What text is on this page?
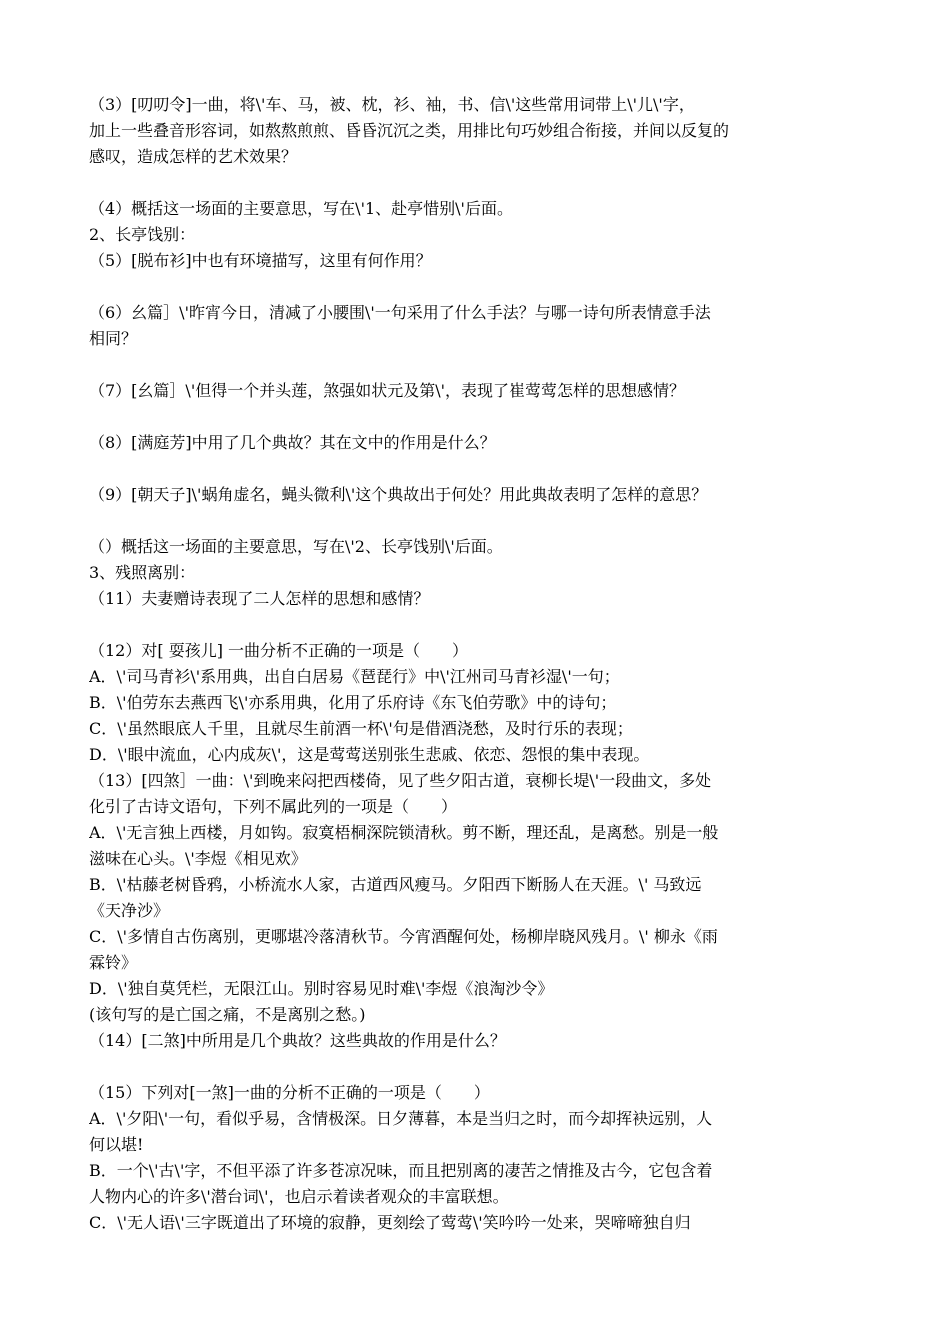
（3）[叨叨令]一曲，将\'车、马，被、枕，衫、袖，书、信\'这些常用词带上\'儿\'字，
加上一些叠音形容词，如熬熬煎煎、昏昏沉沉之类，用排比句巧妙组合衔接，并间以反复的
感叹，造成怎样的艺术效果？
（4）概括这一场面的主要意思，写在\'1、赴亭惜别\'后面。
2、长亭饯别：
（5）[脱布衫]中也有环境描写，这里有何作用？
（6）幺篇］\'昨宵今日，清减了小腰围\'一句采用了什么手法？与哪一诗句所表情意手法
相同？
（7）[幺篇］\'但得一个并头莲，煞强如状元及第\'，表现了崔莺莺怎样的思想感情？
（8）[满庭芳]中用了几个典故？其在文中的作用是什么？
（9）[朝天子]\'蜗角虚名，蝇头微利\'这个典故出于何处？用此典故表明了怎样的意思？
（）概括这一场面的主要意思，写在\'2、长亭饯别\'后面。
3、残照离别：
（11）夫妻赠诗表现了二人怎样的思想和感情？
（12）对[ 耍孩儿] 一曲分析不正确的一项是（　　）
A．\'司马青衫\'系用典，出自白居易《琶琵行》中\'江州司马青衫湿\'一句；
B．\'伯劳东去燕西飞\'亦系用典，化用了乐府诗《东飞伯劳歌》中的诗句；
C．\'虽然眼底人千里，且就尽生前酒一杯\'句是借酒浇愁，及时行乐的表现；
D．\'眼中流血，心内成灰\'，这是莺莺送别张生悲戚、依恋、怨恨的集中表现。
（13）[四煞］一曲：\'到晚来闷把西楼倚，见了些夕阳古道，衰柳长堤\'一段曲文，多处
化引了古诗文语句，下列不属此列的一项是（　　）
A．\'无言独上西楼，月如钩。寂寞梧桐深院锁清秋。剪不断，理还乱，是离愁。别是一般
滋味在心头。\'李煜《相见欢》
B．\'枯藤老树昏鸦，小桥流水人家，古道西风瘦马。夕阳西下断肠人在天涯。\' 马致远
《天净沙》
C．\'多情自古伤离别，更哪堪冷落清秋节。今宵酒醒何处，杨柳岸晓风残月。\' 柳永《雨
霖铃》
D．\'独自莫凭栏，无限江山。别时容易见时难\'李煜《浪淘沙令》
(该句写的是亡国之痛，不是离别之愁。)
（14）[二煞]中所用是几个典故？这些典故的作用是什么？
（15）下列对[一煞]一曲的分析不正确的一项是（　　）
A．\'夕阳\'一句，看似乎易，含情极深。日夕薄暮，本是当归之时，而今却挥袂远别，人
何以堪!
B．一个\'古\'字，不但平添了许多苍凉况味，而且把别离的凄苦之情推及古今，它包含着
人物内心的许多\'潜台词\'，也启示着读者观众的丰富联想。
C．\'无人语\'三字既道出了环境的寂静，更刻绘了莺莺\'笑吟吟一处来，哭啼啼独自归
